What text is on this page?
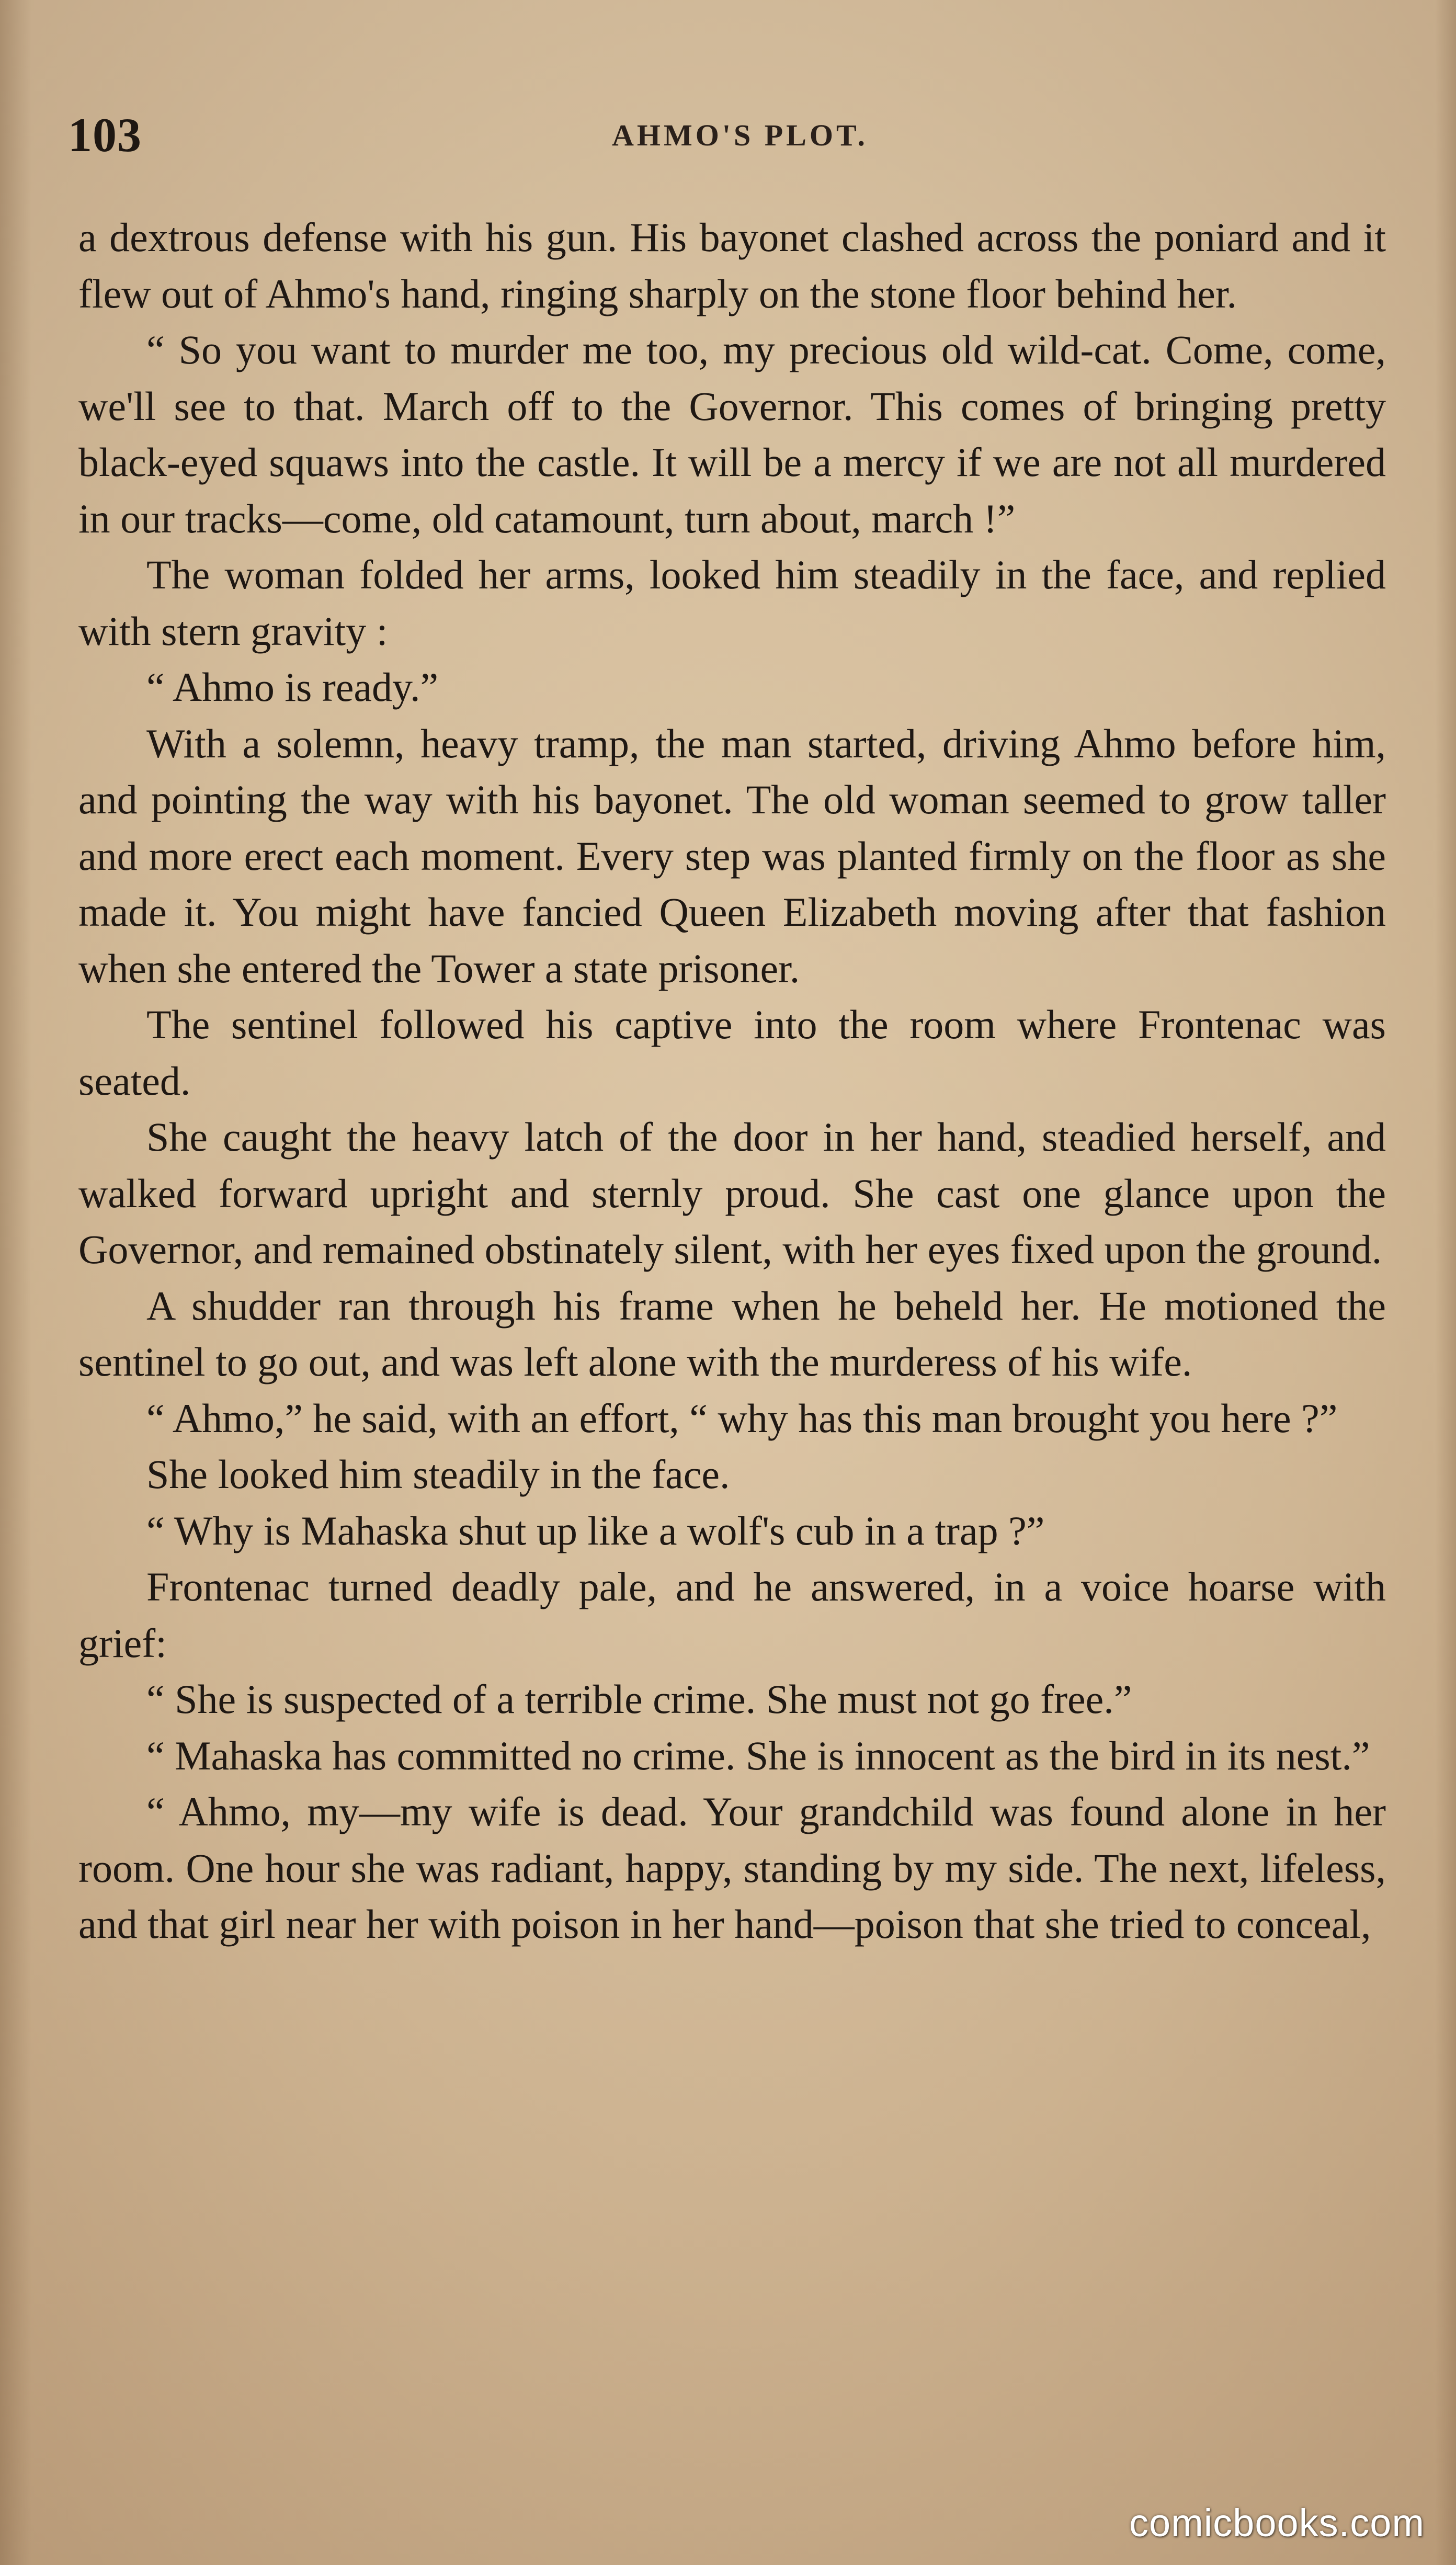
103	AHMO'S PLOT.

a dextrous defense with his gun. His bayonet clashed across the poniard and it flew out of Ahmo's hand, ringing sharply on the stone floor behind her.

“ So you want to murder me too, my precious old wild-cat. Come, come, we'll see to that. March off to the Governor. This comes of bringing pretty black-eyed squaws into the castle. It will be a mercy if we are not all murdered in our tracks—come, old catamount, turn about, march !”

The woman folded her arms, looked him steadily in the face, and replied with stern gravity :

“ Ahmo is ready.”

With a solemn, heavy tramp, the man started, driving Ahmo before him, and pointing the way with his bayonet. The old woman seemed to grow taller and more erect each moment. Every step was planted firmly on the floor as she made it. You might have fancied Queen Elizabeth moving after that fashion when she entered the Tower a state prisoner.

The sentinel followed his captive into the room where Frontenac was seated.

She caught the heavy latch of the door in her hand, steadied herself, and walked forward upright and sternly proud. She cast one glance upon the Governor, and remained obstinately silent, with her eyes fixed upon the ground.

A shudder ran through his frame when he beheld her. He motioned the sentinel to go out, and was left alone with the murderess of his wife.

“ Ahmo,” he said, with an effort, “ why has this man brought you here ?”

She looked him steadily in the face.

“ Why is Mahaska shut up like a wolf's cub in a trap ?”

Frontenac turned deadly pale, and he answered, in a voice hoarse with grief:

“ She is suspected of a terrible crime. She must not go free.”

“ Mahaska has committed no crime. She is innocent as the bird in its nest.”

“ Ahmo, my—my wife is dead. Your grandchild was found alone in her room. One hour she was radiant, happy, standing by my side. The next, lifeless, and that girl near her with poison in her hand—poison that she tried to conceal,

comicbooks.com
